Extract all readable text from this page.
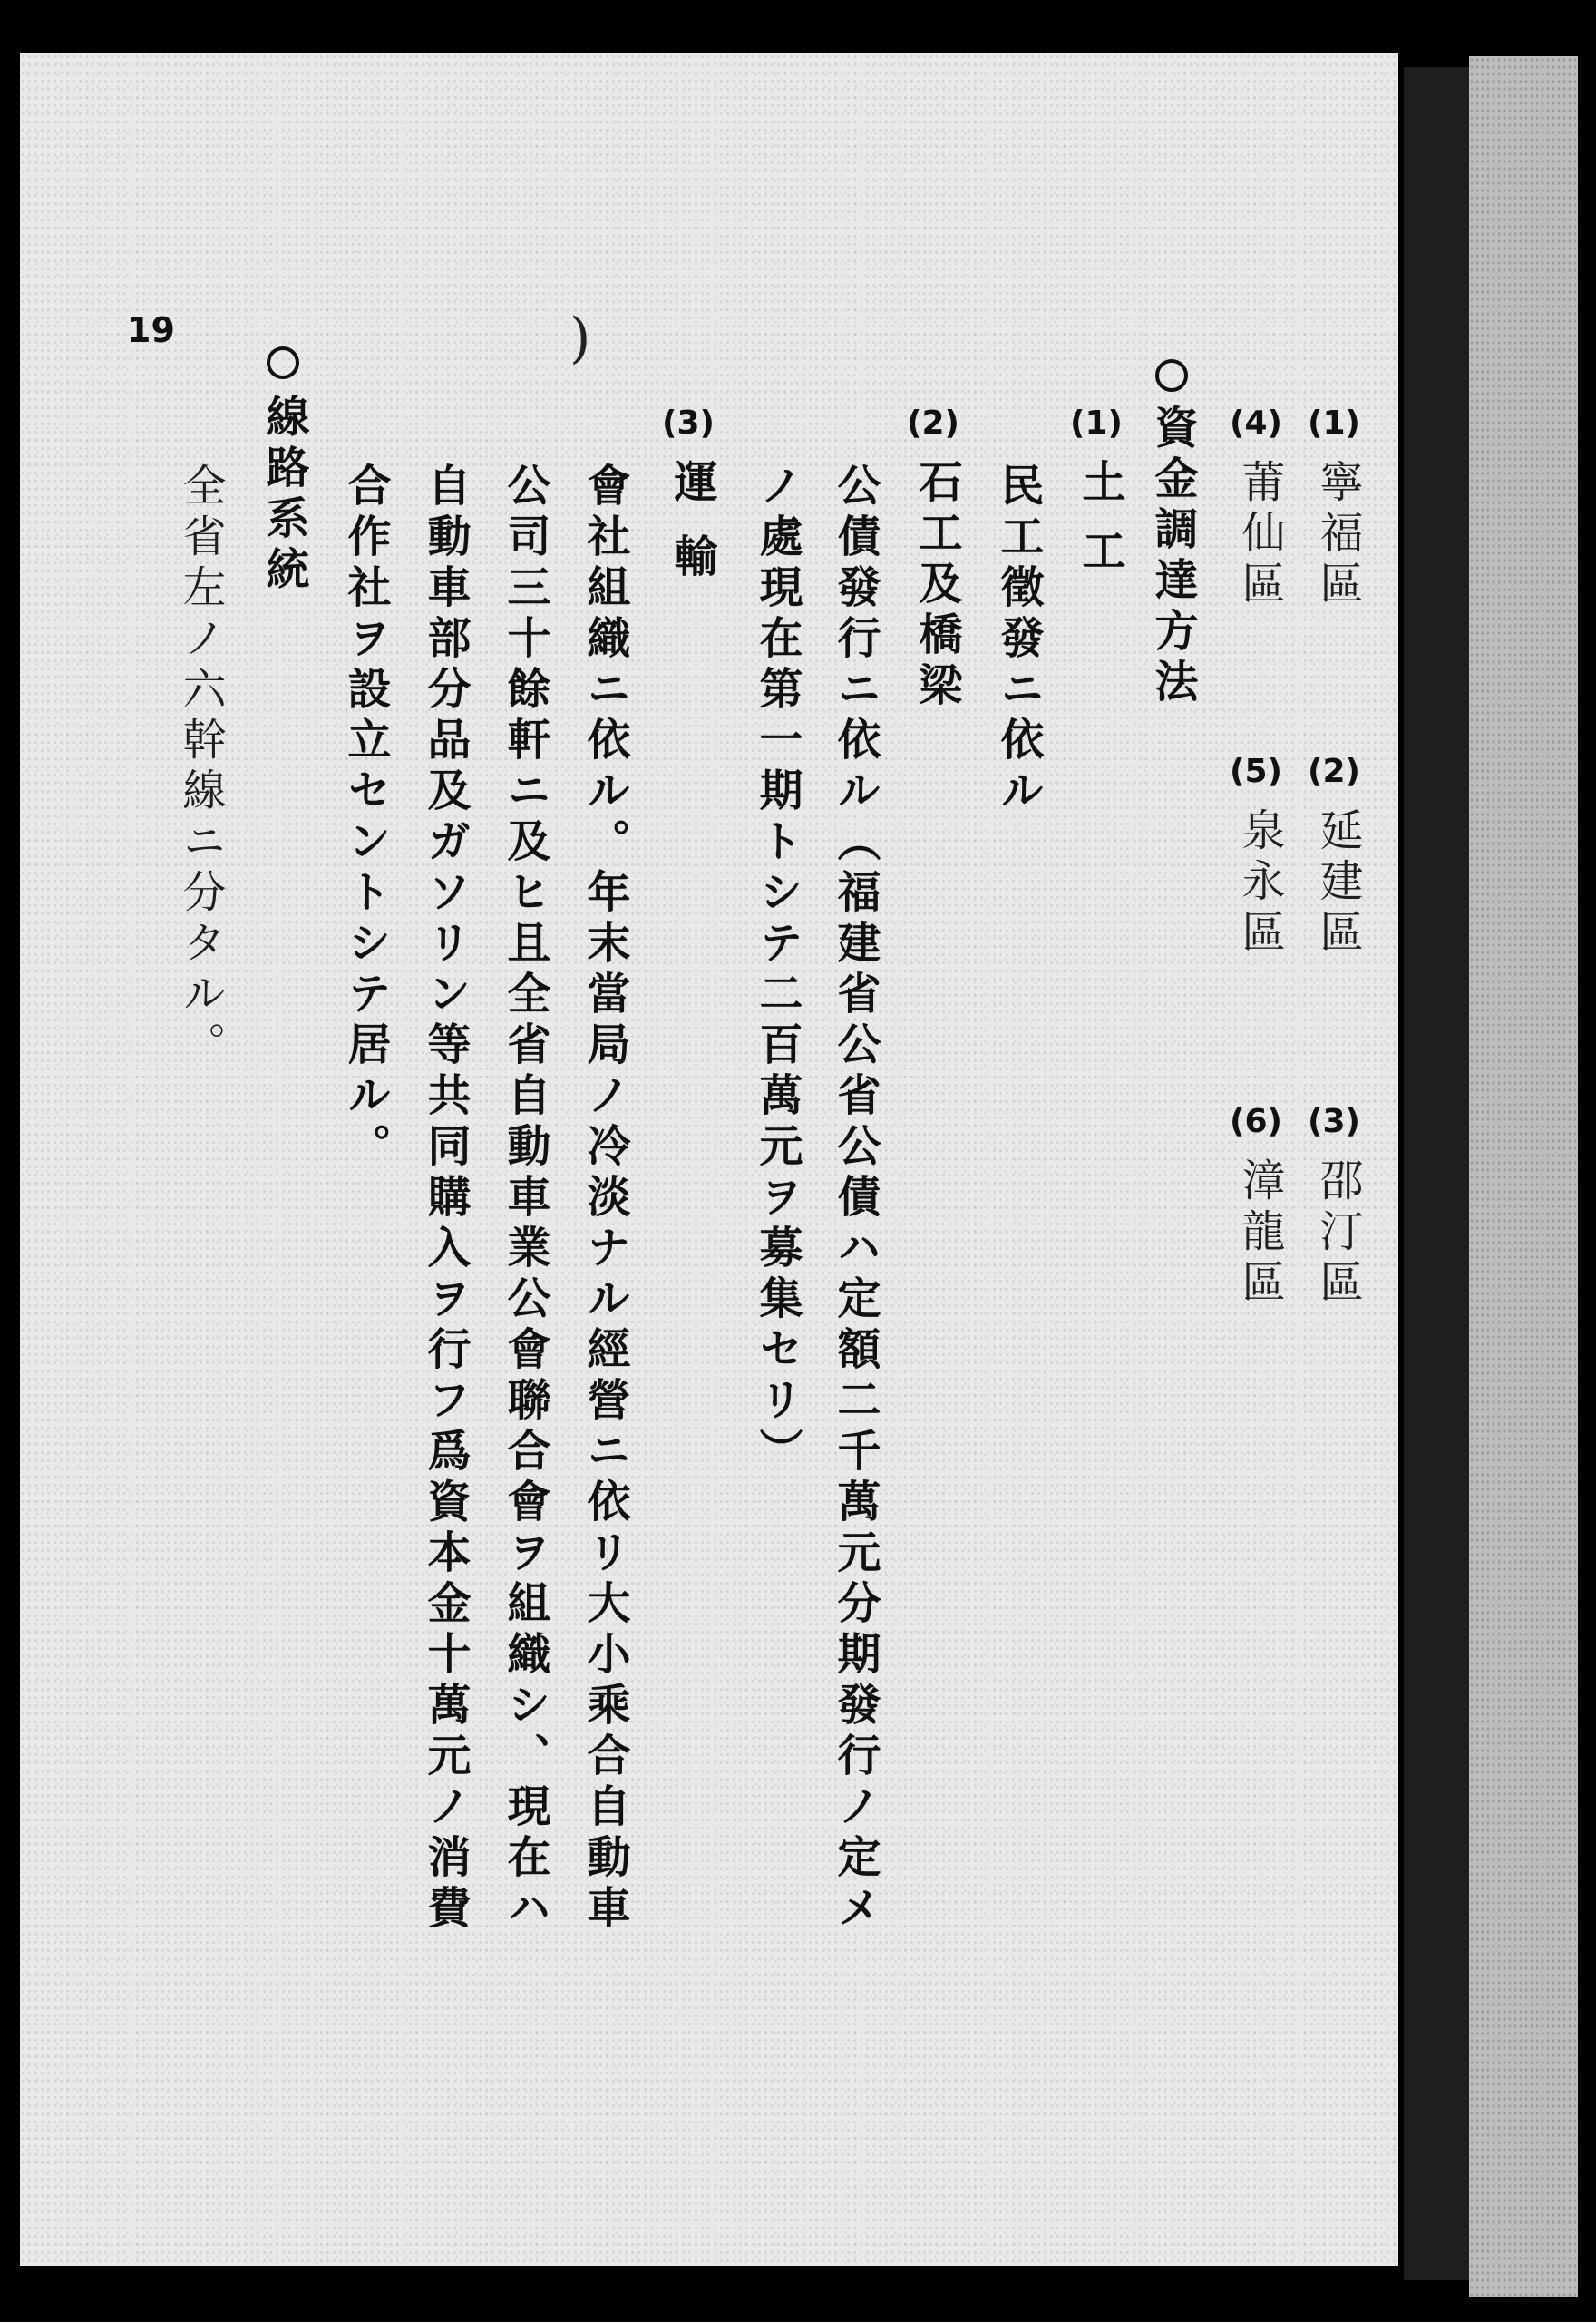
19	)
(1)
寧福區
(2)
延建區
(3)
邵汀區
(4)
莆仙區
(5)
泉永區
(6)
漳龍區
資金調達方法
(1)
土工
民工徵發ニ依ル
(2)
石工及橋梁
公債發行ニ依ル（福建省公省公債ハ定額二千萬元分期發行ノ定メ
ノ處現在第一期トシテ二百萬元ヲ募集セリ）
(3)
運輸
會社組織ニ依ル。年末當局ノ冷淡ナル經營ニ依リ大小乘合自動車
公司三十餘軒ニ及ヒ且全省自動車業公會聯合會ヲ組織シ、現在ハ
自動車部分品及ガソリン等共同購入ヲ行フ爲資本金十萬元ノ消費
合作社ヲ設立セントシテ居ル。
線路系統
全省左ノ六幹線ニ分タル。
